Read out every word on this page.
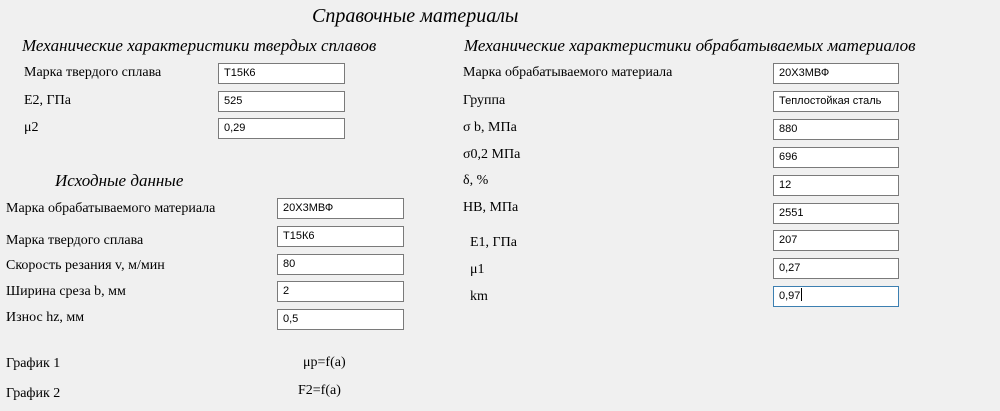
Справочные материалы
Механические характеристики твердых сплавов
Марка твердого сплава	Т15К6
E2, ГПа	525
μ2	0,29
Исходные данные
Марка обрабатываемого материала	20Х3МВФ
Марка твердого сплава	Т15К6
Скорость резания v, м/мин	80
Ширина среза b, мм	2
Износ hz, мм	0,5
График 1	μp=f(a)
График 2	F2=f(a)
Механические характеристики обрабатываемых материалов
Марка обрабатываемого материала	20Х3МВФ
Группа	Теплостойкая сталь
σ b, МПа	880
σ0,2 МПа	696
δ, %	12
HB, МПа	2551
E1, ГПа	207
μ1	0,27
km	0,97
